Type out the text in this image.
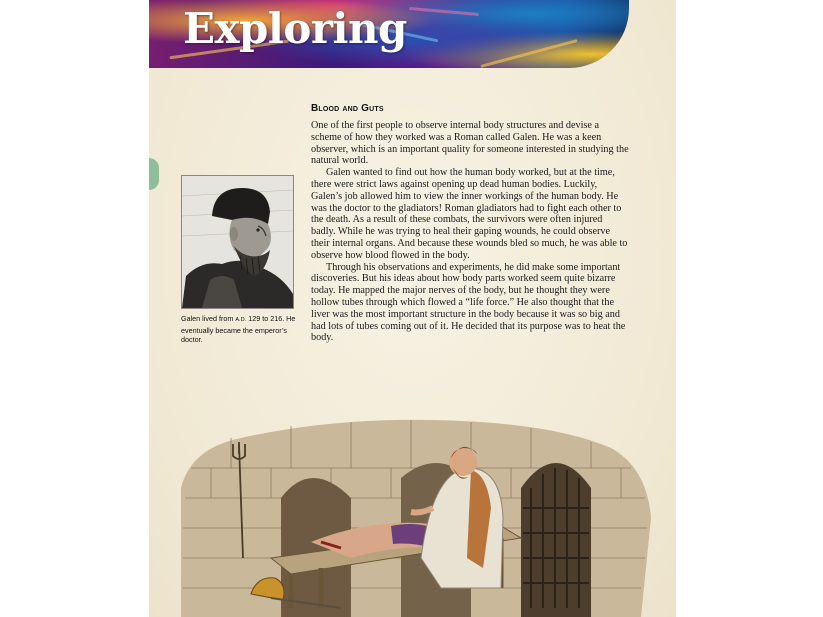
Exploring
Galen lived from A.D. 129 to 216. He eventually became the emperor’s doctor.
Blood and Guts

One of the first people to observe internal body structures and devise a scheme of how they worked was a Roman called Galen. He was a keen observer, which is an important quality for someone interested in studying the natural world.

Galen wanted to find out how the human body worked, but at the time, there were strict laws against opening up dead human bodies. Luckily, Galen’s job allowed him to view the inner workings of the human body. He was the doctor to the gladiators! Roman gladiators had to fight each other to the death. As a result of these combats, the survivors were often injured badly. While he was trying to heal their gaping wounds, he could observe their internal organs. And because these wounds bled so much, he was able to observe how blood flowed in the body.

Through his observations and experiments, he did make some important discoveries. But his ideas about how body parts worked seem quite bizarre today. He mapped the major nerves of the body, but he thought they were hollow tubes through which flowed a “life force.” He also thought that the liver was the most important structure in the body because it was so big and had lots of tubes coming out of it. He decided that its purpose was to heat the body.
